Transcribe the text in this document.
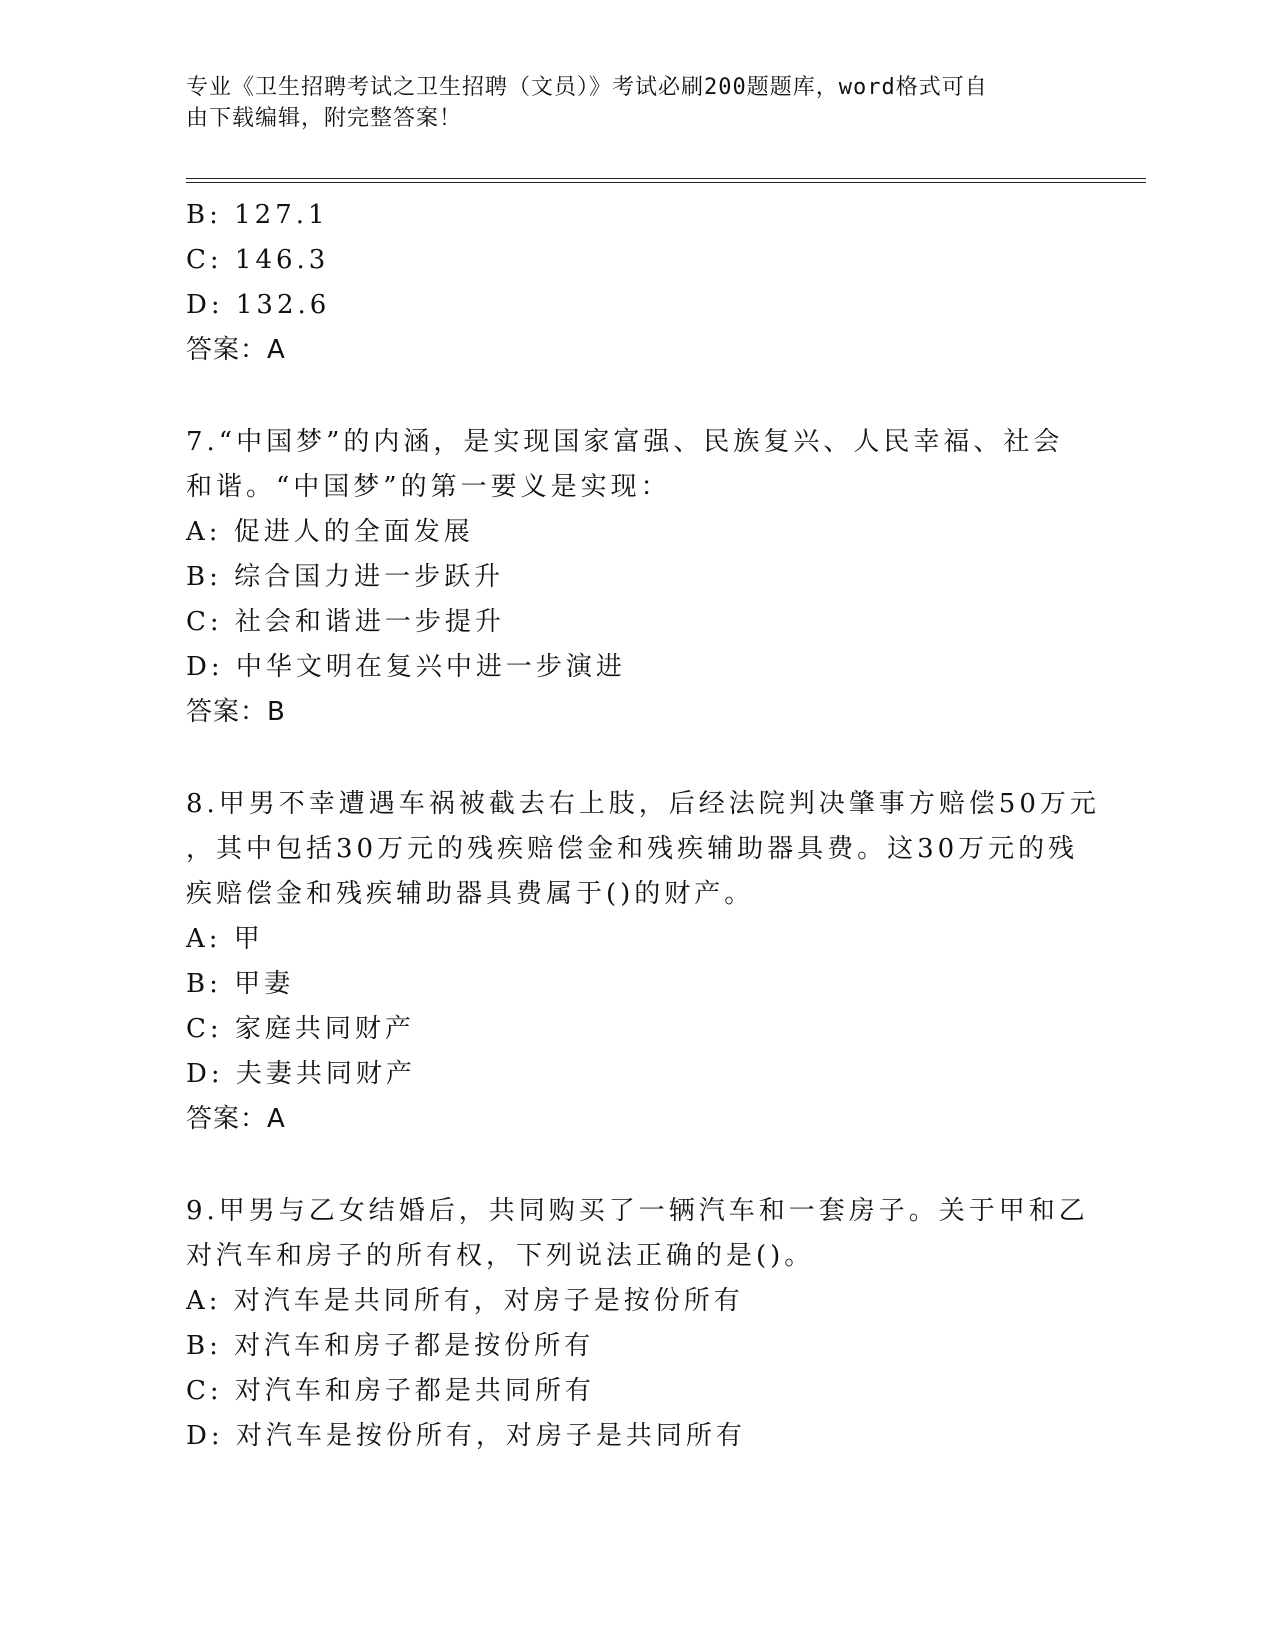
专业《卫生招聘考试之卫生招聘（文员）》考试必刷200题题库，word格式可自
由下载编辑，附完整答案！
B: 127.1
C: 146.3
D: 132.6
答案：A
7.“中国梦”的内涵，是实现国家富强、民族复兴、人民幸福、社会
和谐。“中国梦”的第一要义是实现：
A: 促进人的全面发展
B: 综合国力进一步跃升
C: 社会和谐进一步提升
D: 中华文明在复兴中进一步演进
答案：B
8.甲男不幸遭遇车祸被截去右上肢，后经法院判决肇事方赔偿50万元
，其中包括30万元的残疾赔偿金和残疾辅助器具费。这30万元的残
疾赔偿金和残疾辅助器具费属于()的财产。
A: 甲
B: 甲妻
C: 家庭共同财产
D: 夫妻共同财产
答案：A
9.甲男与乙女结婚后，共同购买了一辆汽车和一套房子。关于甲和乙
对汽车和房子的所有权，下列说法正确的是()。
A: 对汽车是共同所有，对房子是按份所有
B: 对汽车和房子都是按份所有
C: 对汽车和房子都是共同所有
D: 对汽车是按份所有，对房子是共同所有
